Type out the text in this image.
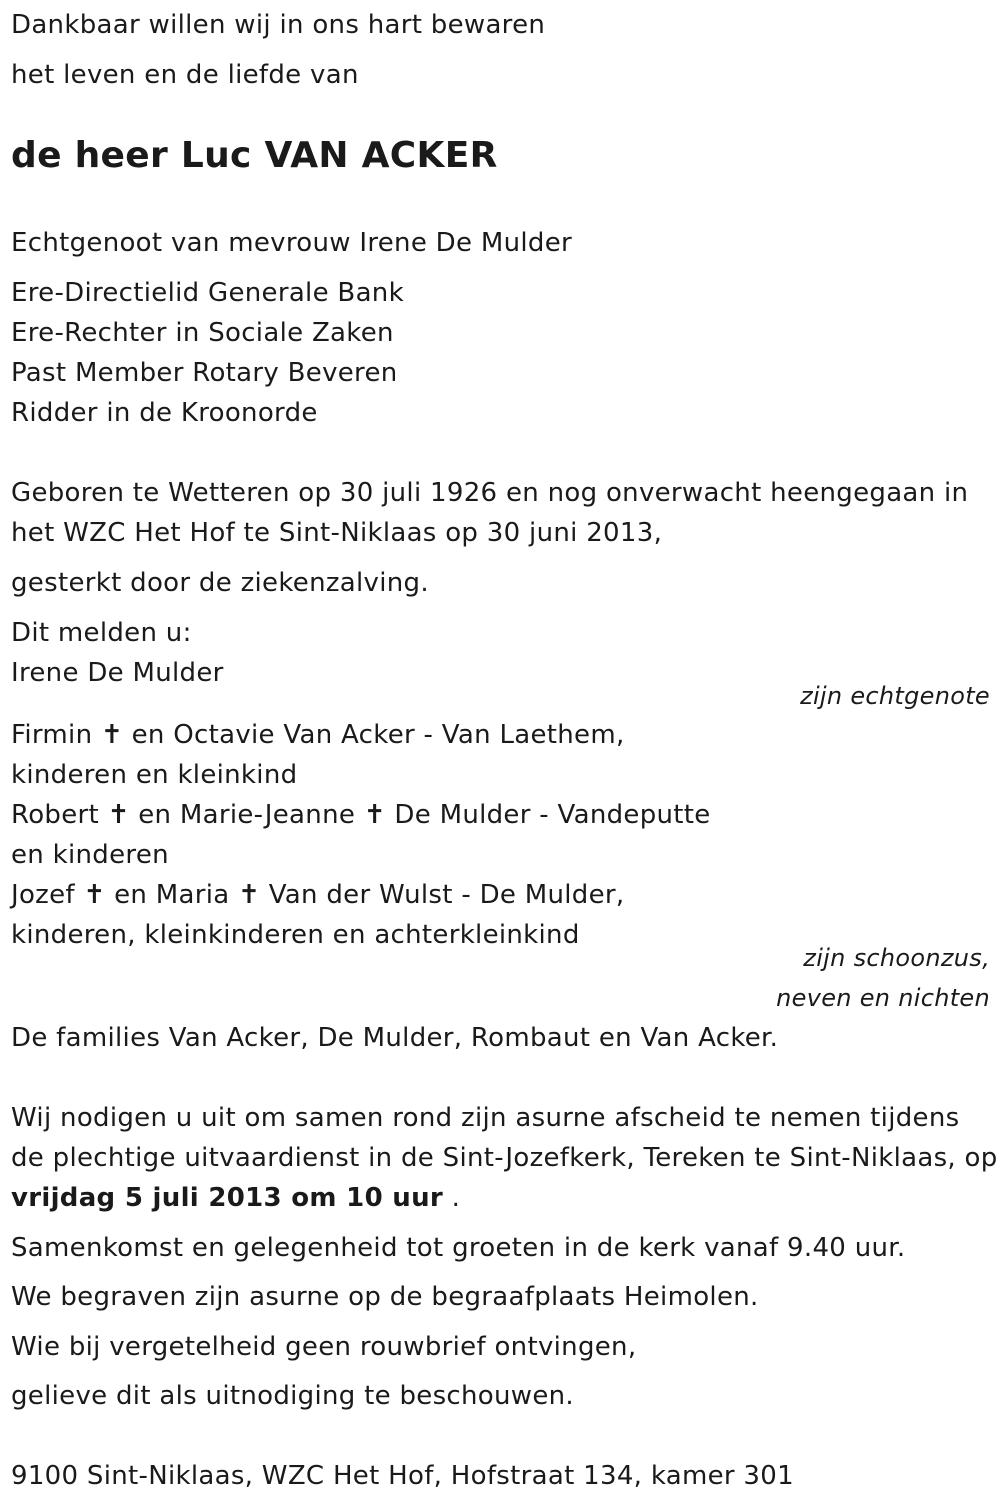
Dankbaar willen wij in ons hart bewaren
het leven en de liefde van
de heer Luc VAN ACKER
Echtgenoot van mevrouw Irene De Mulder
Ere-Directielid Generale Bank
Ere-Rechter in Sociale Zaken
Past Member Rotary Beveren
Ridder in de Kroonorde
Geboren te Wetteren op 30 juli 1926 en nog onverwacht heengegaan in
het WZC Het Hof te Sint-Niklaas op 30 juni 2013,
gesterkt door de ziekenzalving.
Dit melden u:
Irene De Mulder
zijn echtgenote
Firmin ✝ en Octavie Van Acker - Van Laethem,
kinderen en kleinkind
Robert ✝ en Marie-Jeanne ✝ De Mulder - Vandeputte
en kinderen
Jozef ✝ en Maria ✝ Van der Wulst - De Mulder,
kinderen, kleinkinderen en achterkleinkind
zijn schoonzus,
neven en nichten
De families Van Acker, De Mulder, Rombaut en Van Acker.
Wij nodigen u uit om samen rond zijn asurne afscheid te nemen tijdens
de plechtige uitvaardienst in de Sint-Jozefkerk, Tereken te Sint-Niklaas, op
vrijdag 5 juli 2013 om 10 uur .
Samenkomst en gelegenheid tot groeten in de kerk vanaf 9.40 uur.
We begraven zijn asurne op de begraafplaats Heimolen.
Wie bij vergetelheid geen rouwbrief ontvingen,
gelieve dit als uitnodiging te beschouwen.
9100 Sint-Niklaas, WZC Het Hof, Hofstraat 134, kamer 301
